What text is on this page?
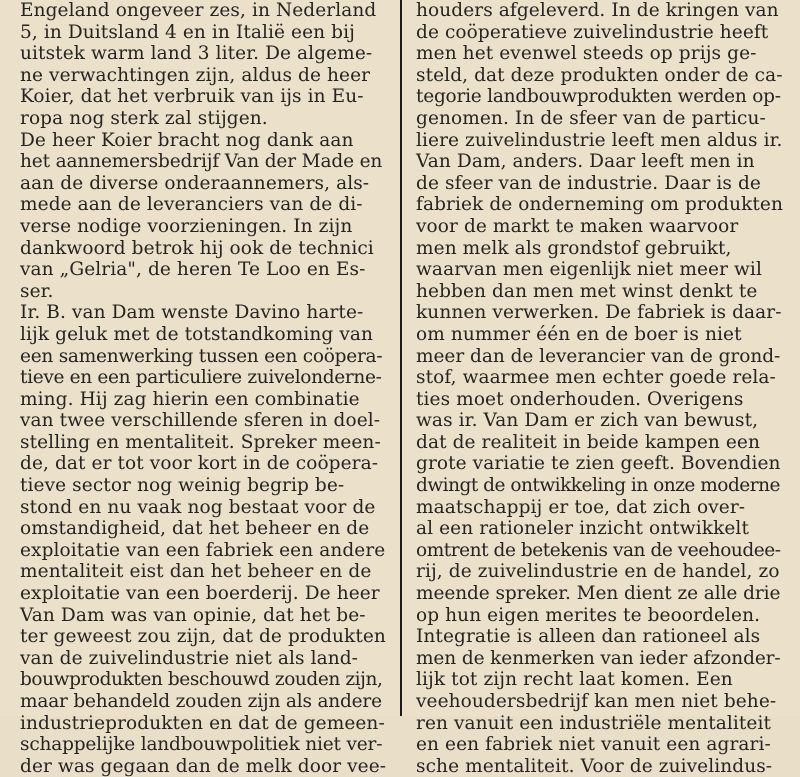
Engeland ongeveer zes, in Nederland
5, in Duitsland 4 en in Italië een bij
uitstek warm land 3 liter. De algeme-
ne verwachtingen zijn, aldus de heer
Koier, dat het verbruik van ijs in Eu-
ropa nog sterk zal stijgen.
De heer Koier bracht nog dank aan
het aannemersbedrijf Van der Made en
aan de diverse onderaannemers, als-
mede aan de leveranciers van de di-
verse nodige voorzieningen. In zijn
dankwoord betrok hij ook de technici
van „Gelria", de heren Te Loo en Es-
ser.
Ir. B. van Dam wenste Davino harte-
lijk geluk met de totstandkoming van
een samenwerking tussen een coöpera-
tieve en een particuliere zuivelonderne-
ming. Hij zag hierin een combinatie
van twee verschillende sferen in doel-
stelling en mentaliteit. Spreker meen-
de, dat er tot voor kort in de coöpera-
tieve sector nog weinig begrip be-
stond en nu vaak nog bestaat voor de
omstandigheid, dat het beheer en de
exploitatie van een fabriek een andere
mentaliteit eist dan het beheer en de
exploitatie van een boerderij. De heer
Van Dam was van opinie, dat het be-
ter geweest zou zijn, dat de produkten
van de zuivelindustrie niet als land-
bouwprodukten beschouwd zouden zijn,
maar behandeld zouden zijn als andere
industrieprodukten en dat de gemeen-
schappelijke landbouwpolitiek niet ver-
der was gegaan dan de melk door vee-
houders afgeleverd. In de kringen van
de coöperatieve zuivelindustrie heeft
men het evenwel steeds op prijs ge-
steld, dat deze produkten onder de ca-
tegorie landbouwprodukten werden op-
genomen. In de sfeer van de particu-
liere zuivelindustrie leeft men aldus ir.
Van Dam, anders. Daar leeft men in
de sfeer van de industrie. Daar is de
fabriek de onderneming om produkten
voor de markt te maken waarvoor
men melk als grondstof gebruikt,
waarvan men eigenlijk niet meer wil
hebben dan men met winst denkt te
kunnen verwerken. De fabriek is daar-
om nummer één en de boer is niet
meer dan de leverancier van de grond-
stof, waarmee men echter goede rela-
ties moet onderhouden. Overigens
was ir. Van Dam er zich van bewust,
dat de realiteit in beide kampen een
grote variatie te zien geeft. Bovendien
dwingt de ontwikkeling in onze moderne
maatschappij er toe, dat zich over-
al een rationeler inzicht ontwikkelt
omtrent de betekenis van de veehoudee-
rij, de zuivelindustrie en de handel, zo
meende spreker. Men dient ze alle drie
op hun eigen merites te beoordelen.
Integratie is alleen dan rationeel als
men de kenmerken van ieder afzonder-
lijk tot zijn recht laat komen. Een
veehoudersbedrijf kan men niet behe-
ren vanuit een industriële mentaliteit
en een fabriek niet vanuit een agrari-
sche mentaliteit. Voor de zuivelindus-
